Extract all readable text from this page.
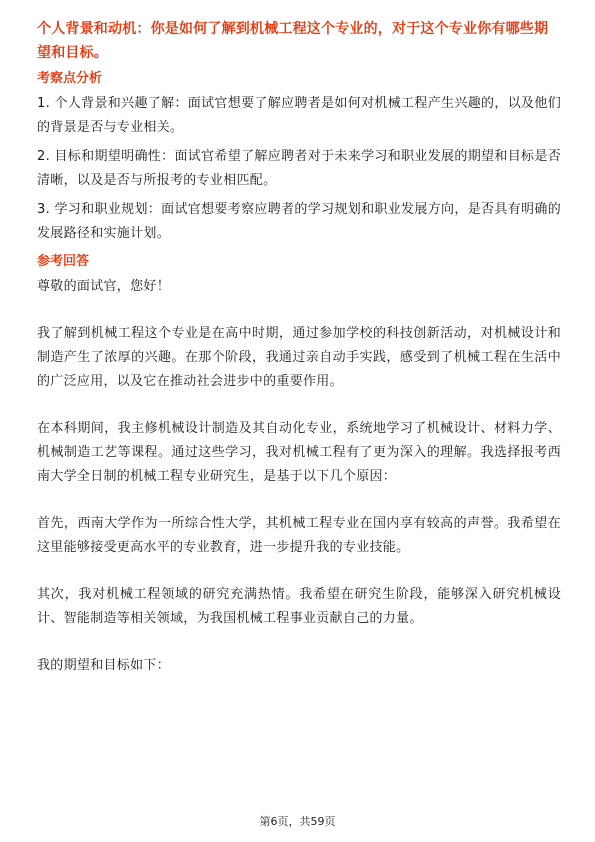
个人背景和动机：你是如何了解到机械工程这个专业的，对于这个专业你有哪些期望和目标。
考察点分析
1. 个人背景和兴趣了解：面试官想要了解应聘者是如何对机械工程产生兴趣的，以及他们的背景是否与专业相关。
2. 目标和期望明确性：面试官希望了解应聘者对于未来学习和职业发展的期望和目标是否清晰，以及是否与所报考的专业相匹配。
3. 学习和职业规划：面试官想要考察应聘者的学习规划和职业发展方向，是否具有明确的发展路径和实施计划。
参考回答
尊敬的面试官，您好！
我了解到机械工程这个专业是在高中时期，通过参加学校的科技创新活动，对机械设计和制造产生了浓厚的兴趣。在那个阶段，我通过亲自动手实践，感受到了机械工程在生活中的广泛应用，以及它在推动社会进步中的重要作用。
在本科期间，我主修机械设计制造及其自动化专业，系统地学习了机械设计、材料力学、机械制造工艺等课程。通过这些学习，我对机械工程有了更为深入的理解。我选择报考西南大学全日制的机械工程专业研究生，是基于以下几个原因：
首先，西南大学作为一所综合性大学，其机械工程专业在国内享有较高的声誉。我希望在这里能够接受更高水平的专业教育，进一步提升我的专业技能。
其次，我对机械工程领域的研究充满热情。我希望在研究生阶段，能够深入研究机械设计、智能制造等相关领域，为我国机械工程事业贡献自己的力量。
我的期望和目标如下：
第6页，共59页
